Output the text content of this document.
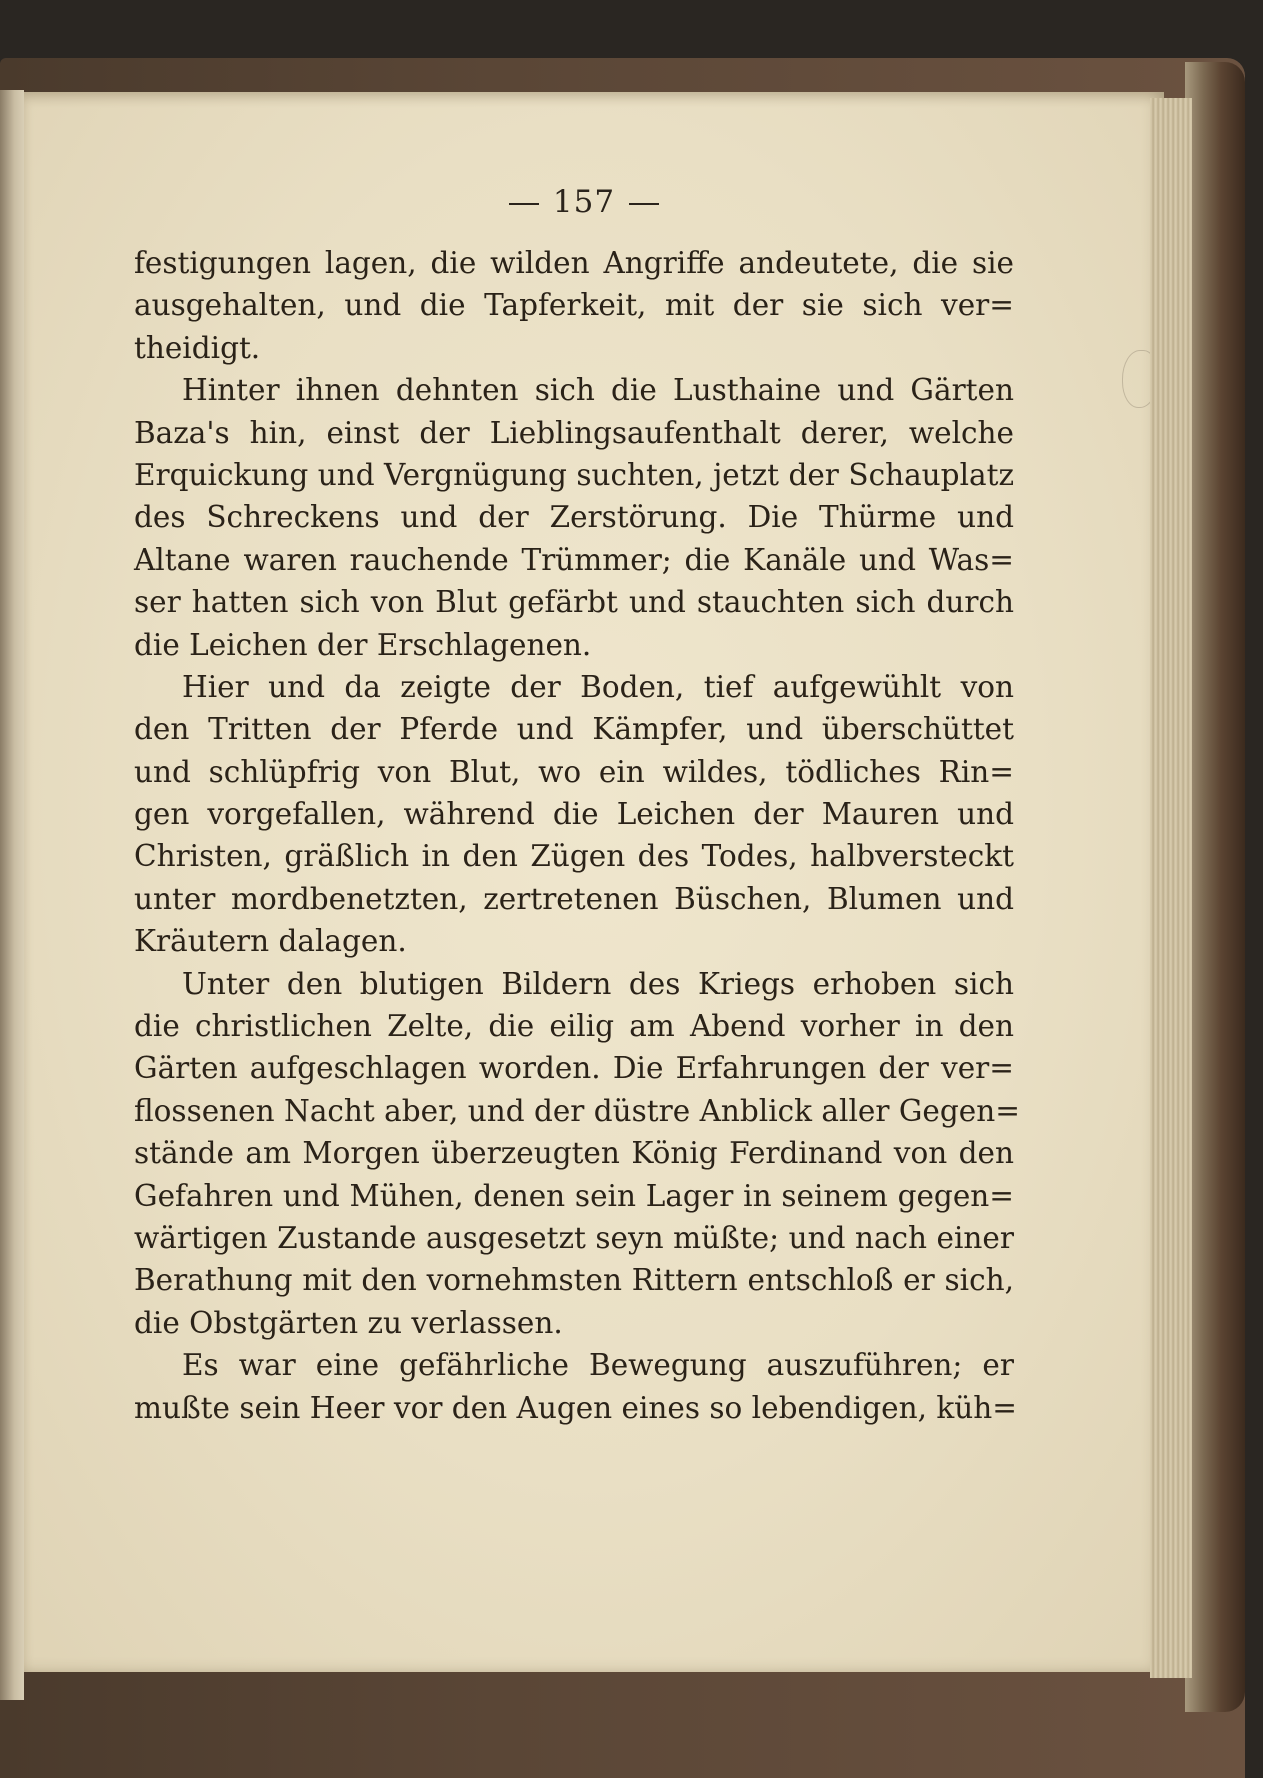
157
festigungen lagen, die wilden Angriffe andeutete, die sie
ausgehalten, und die Tapferkeit, mit der sie sich ver=
theidigt.
Hinter ihnen dehnten sich die Lusthaine und Gärten
Baza's hin, einst der Lieblingsaufenthalt derer, welche
Erquickung und Vergnügung suchten, jetzt der Schauplatz
des Schreckens und der Zerstörung. Die Thürme und
Altane waren rauchende Trümmer; die Kanäle und Was=
ser hatten sich von Blut gefärbt und stauchten sich durch
die Leichen der Erschlagenen.
Hier und da zeigte der Boden, tief aufgewühlt von
den Tritten der Pferde und Kämpfer, und überschüttet
und schlüpfrig von Blut, wo ein wildes, tödliches Rin=
gen vorgefallen, während die Leichen der Mauren und
Christen, gräßlich in den Zügen des Todes, halbversteckt
unter mordbenetzten, zertretenen Büschen, Blumen und
Kräutern dalagen.
Unter den blutigen Bildern des Kriegs erhoben sich
die christlichen Zelte, die eilig am Abend vorher in den
Gärten aufgeschlagen worden. Die Erfahrungen der ver=
flossenen Nacht aber, und der düstre Anblick aller Gegen=
stände am Morgen überzeugten König Ferdinand von den
Gefahren und Mühen, denen sein Lager in seinem gegen=
wärtigen Zustande ausgesetzt seyn müßte; und nach einer
Berathung mit den vornehmsten Rittern entschloß er sich,
die Obstgärten zu verlassen.
Es war eine gefährliche Bewegung auszuführen; er
mußte sein Heer vor den Augen eines so lebendigen, küh=
